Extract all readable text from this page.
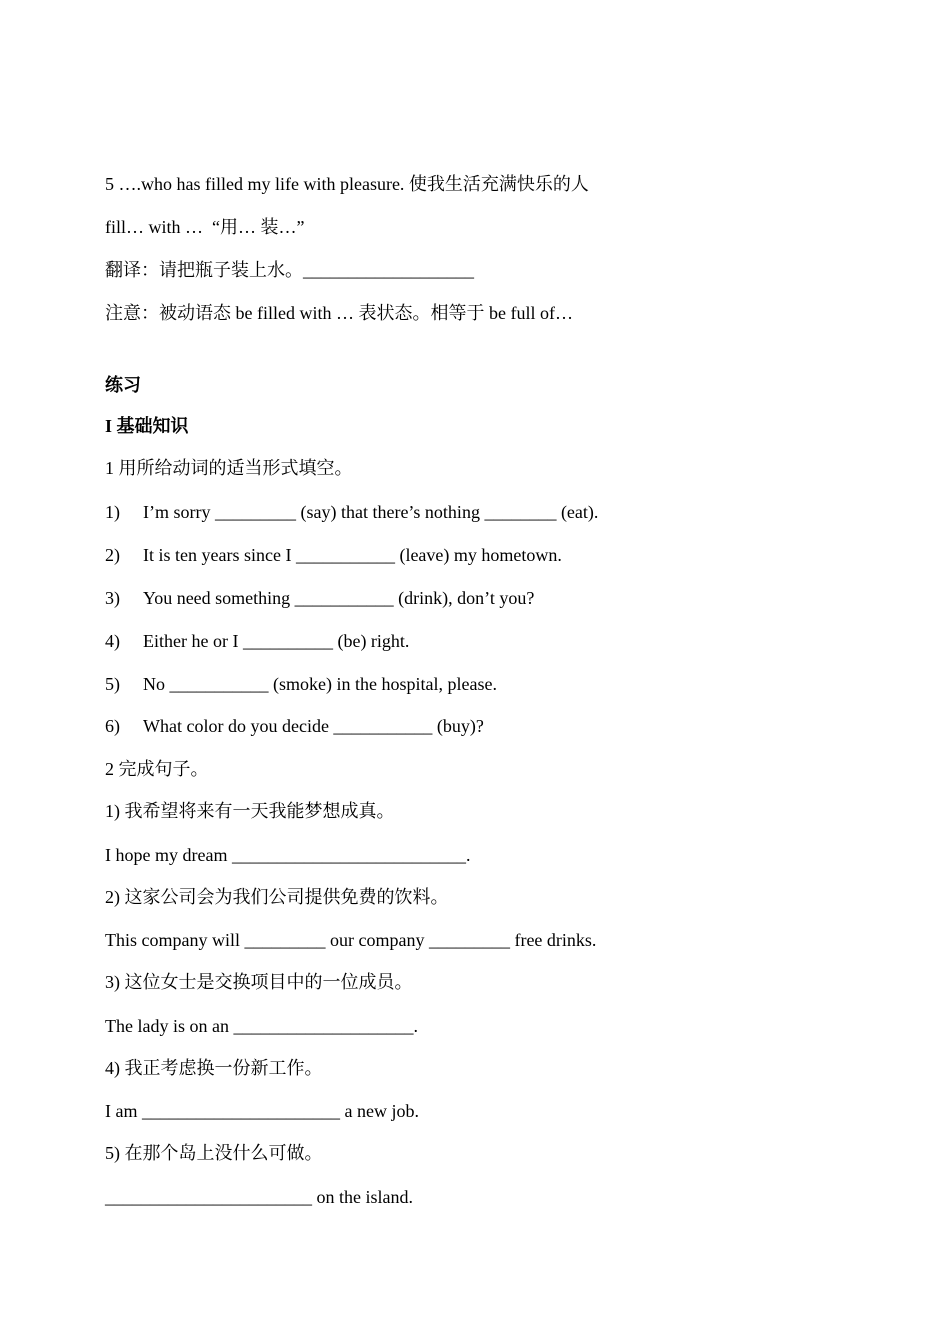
5 ….who has filled my life with pleasure. 使我生活充满快乐的人
fill… with …  “用… 装…”
翻译：请把瓶子装上水。___________________
注意：被动语态 be filled with … 表状态。相等于 be full of…
练习
I 基础知识
1 用所给动词的适当形式填空。
1) I’m sorry _________ (say) that there’s nothing ________ (eat).
2) It is ten years since I ___________ (leave) my hometown.
3) You need something ___________ (drink), don’t you?
4) Either he or I __________ (be) right.
5) No ___________ (smoke) in the hospital, please.
6) What color do you decide ___________ (buy)?
2 完成句子。
1) 我希望将来有一天我能梦想成真。
I hope my dream __________________________.
2) 这家公司会为我们公司提供免费的饮料。
This company will _________ our company _________ free drinks.
3) 这位女士是交换项目中的一位成员。
The lady is on an ____________________.
4) 我正考虑换一份新工作。
I am ______________________ a new job.
5) 在那个岛上没什么可做。
_______________________ on the island.
